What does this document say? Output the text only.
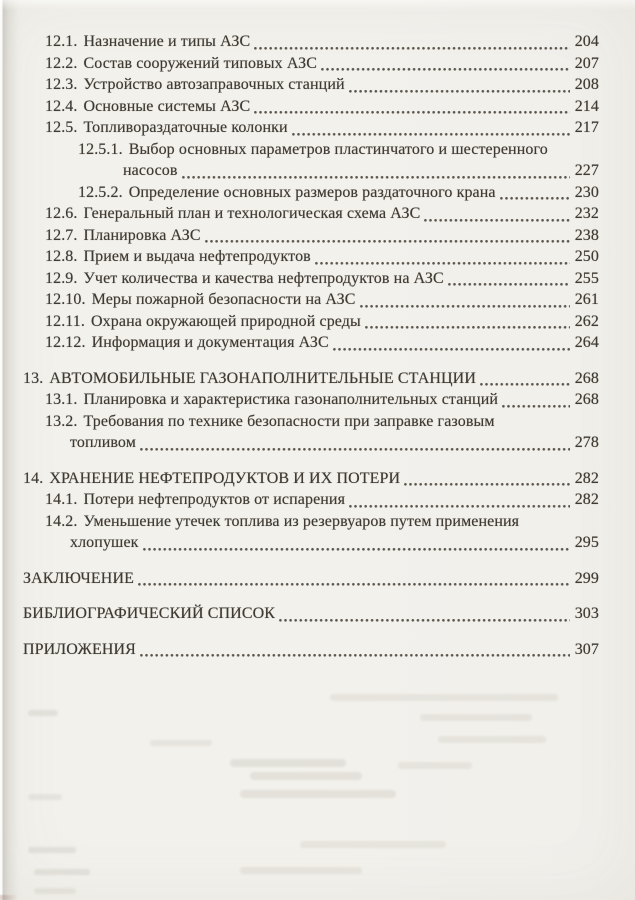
12.1. Назначение и типы АЗС	204
12.2. Состав сооружений типовых АЗС	207
12.3. Устройство автозаправочных станций	208
12.4. Основные системы АЗС	214
12.5. Топливораздаточные колонки	217
12.5.1. Выбор основных параметров пластинчатого и шестеренного
насосов	227
12.5.2. Определение основных размеров раздаточного крана	230
12.6. Генеральный план и технологическая схема АЗС	232
12.7. Планировка АЗС	238
12.8. Прием и выдача нефтепродуктов	250
12.9. Учет количества и качества нефтепродуктов на АЗС	255
12.10. Меры пожарной безопасности на АЗС	261
12.11. Охрана окружающей природной среды	262
12.12. Информация и документация АЗС	264
13. АВТОМОБИЛЬНЫЕ ГАЗОНАПОЛНИТЕЛЬНЫЕ СТАНЦИИ	268
13.1. Планировка и характеристика газонаполнительных станций	268
13.2. Требования по технике безопасности при заправке газовым
топливом	278
14. ХРАНЕНИЕ НЕФТЕПРОДУКТОВ И ИХ ПОТЕРИ	282
14.1. Потери нефтепродуктов от испарения	282
14.2. Уменьшение утечек топлива из резервуаров путем применения
хлопушек	295
ЗАКЛЮЧЕНИЕ	299
БИБЛИОГРАФИЧЕСКИЙ СПИСОК	303
ПРИЛОЖЕНИЯ	307
